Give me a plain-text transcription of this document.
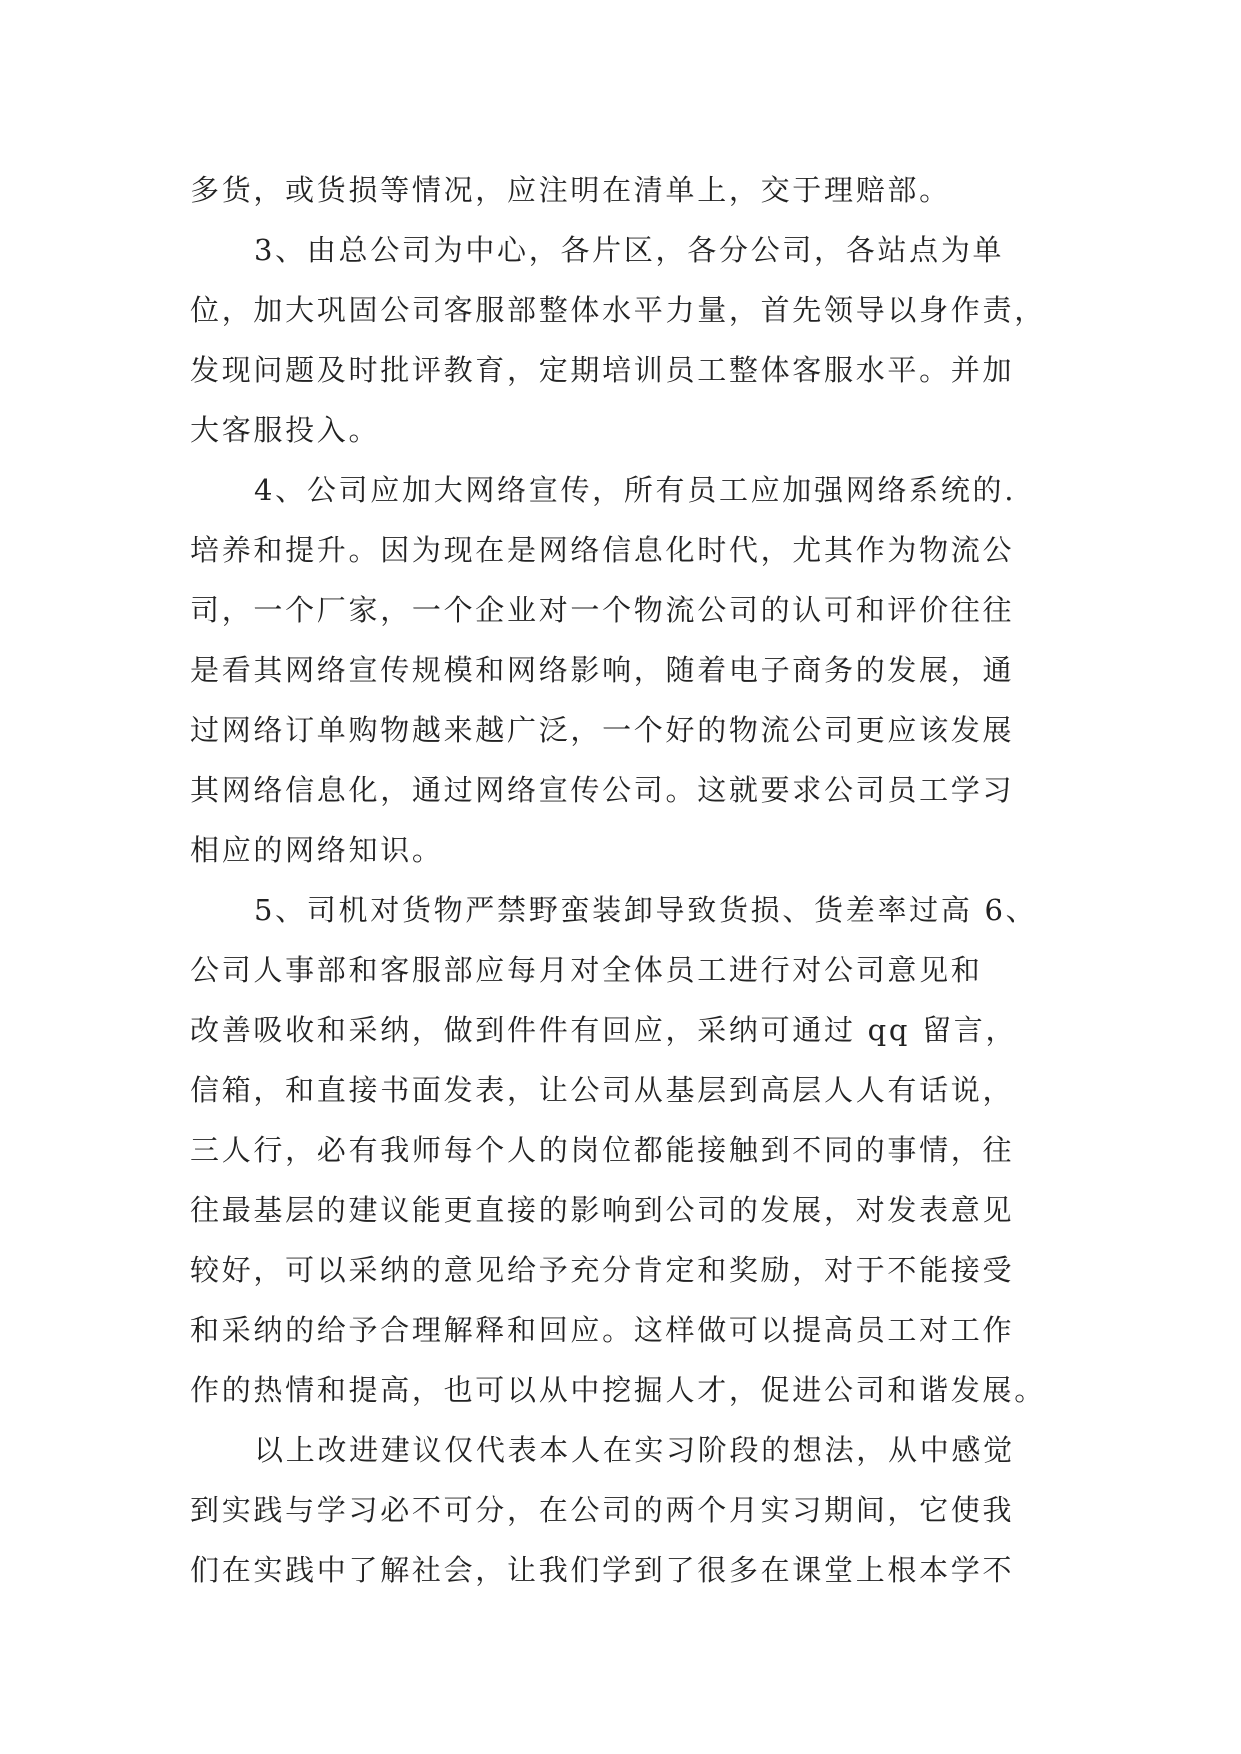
多货，或货损等情况，应注明在清单上，交于理赔部。
3、由总公司为中心，各片区，各分公司，各站点为单
位，加大巩固公司客服部整体水平力量，首先领导以身作责，
发现问题及时批评教育，定期培训员工整体客服水平。并加
大客服投入。
4、公司应加大网络宣传，所有员工应加强网络系统的.
培养和提升。因为现在是网络信息化时代，尤其作为物流公
司，一个厂家，一个企业对一个物流公司的认可和评价往往
是看其网络宣传规模和网络影响，随着电子商务的发展，通
过网络订单购物越来越广泛，一个好的物流公司更应该发展
其网络信息化，通过网络宣传公司。这就要求公司员工学习
相应的网络知识。
5、司机对货物严禁野蛮装卸导致货损、货差率过高 6、
公司人事部和客服部应每月对全体员工进行对公司意见和
改善吸收和采纳，做到件件有回应，采纳可通过 qq 留言，
信箱，和直接书面发表，让公司从基层到高层人人有话说，
三人行，必有我师每个人的岗位都能接触到不同的事情，往
往最基层的建议能更直接的影响到公司的发展，对发表意见
较好，可以采纳的意见给予充分肯定和奖励，对于不能接受
和采纳的给予合理解释和回应。这样做可以提高员工对工作
作的热情和提高，也可以从中挖掘人才，促进公司和谐发展。
以上改进建议仅代表本人在实习阶段的想法，从中感觉
到实践与学习必不可分，在公司的两个月实习期间，它使我
们在实践中了解社会，让我们学到了很多在课堂上根本学不
